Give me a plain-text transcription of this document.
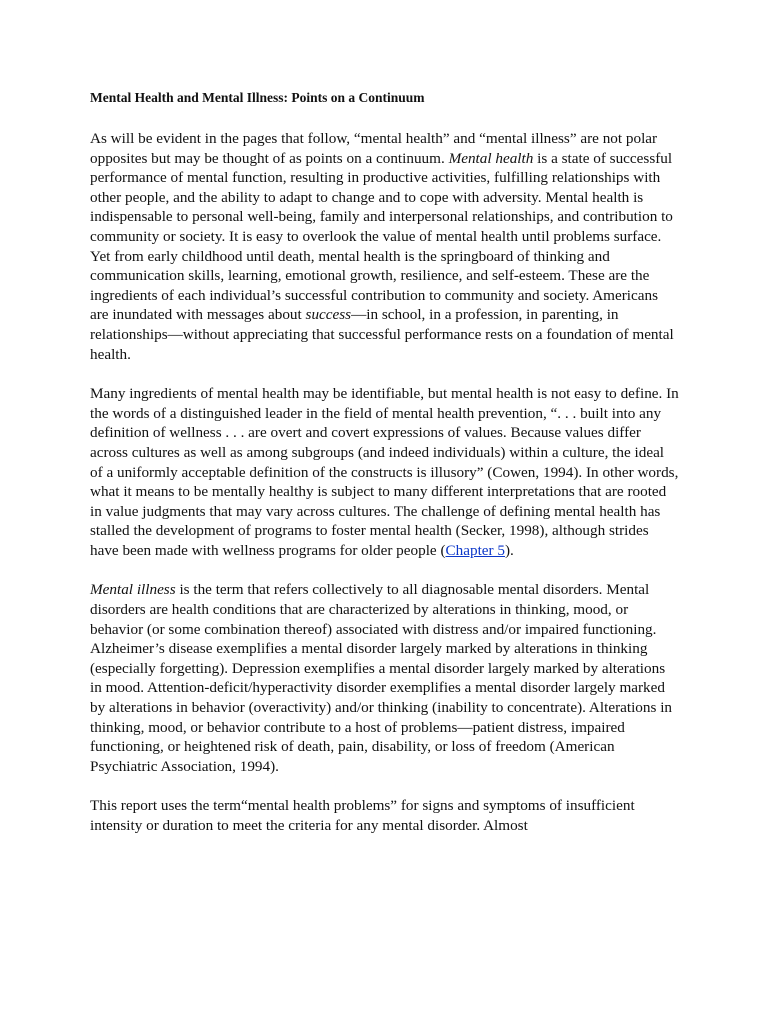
Mental Health and Mental Illness: Points on a Continuum

As will be evident in the pages that follow, “mental health” and “mental illness” are not polar opposites but may be thought of as points on a continuum. Mental health is a state of successful performance of mental function, resulting in productive activities, fulfilling relationships with other people, and the ability to adapt to change and to cope with adversity. Mental health is indispensable to personal well-being, family and interpersonal relationships, and contribution to community or society. It is easy to overlook the value of mental health until problems surface. Yet from early childhood until death, mental health is the springboard of thinking and communication skills, learning, emotional growth, resilience, and self-esteem. These are the ingredients of each individual’s successful contribution to community and society. Americans are inundated with messages about success—in school, in a profession, in parenting, in relationships—without appreciating that successful performance rests on a foundation of mental health.

Many ingredients of mental health may be identifiable, but mental health is not easy to define. In the words of a distinguished leader in the field of mental health prevention, “. . . built into any definition of wellness . . . are overt and covert expressions of values. Because values differ across cultures as well as among subgroups (and indeed individuals) within a culture, the ideal of a uniformly acceptable definition of the constructs is illusory” (Cowen, 1994). In other words, what it means to be mentally healthy is subject to many different interpretations that are rooted in value judgments that may vary across cultures. The challenge of defining mental health has stalled the development of programs to foster mental health (Secker, 1998), although strides have been made with wellness programs for older people (Chapter 5).

Mental illness is the term that refers collectively to all diagnosable mental disorders. Mental disorders are health conditions that are characterized by alterations in thinking, mood, or behavior (or some combination thereof) associated with distress and/or impaired functioning. Alzheimer’s disease exemplifies a mental disorder largely marked by alterations in thinking (especially forgetting). Depression exemplifies a mental disorder largely marked by alterations in mood. Attention-deficit/hyperactivity disorder exemplifies a mental disorder largely marked by alterations in behavior (overactivity) and/or thinking (inability to concentrate). Alterations in thinking, mood, or behavior contribute to a host of problems—patient distress, impaired functioning, or heightened risk of death, pain, disability, or loss of freedom (American Psychiatric Association, 1994).

This report uses the term“mental health problems” for signs and symptoms of insufficient intensity or duration to meet the criteria for any mental disorder. Almost
